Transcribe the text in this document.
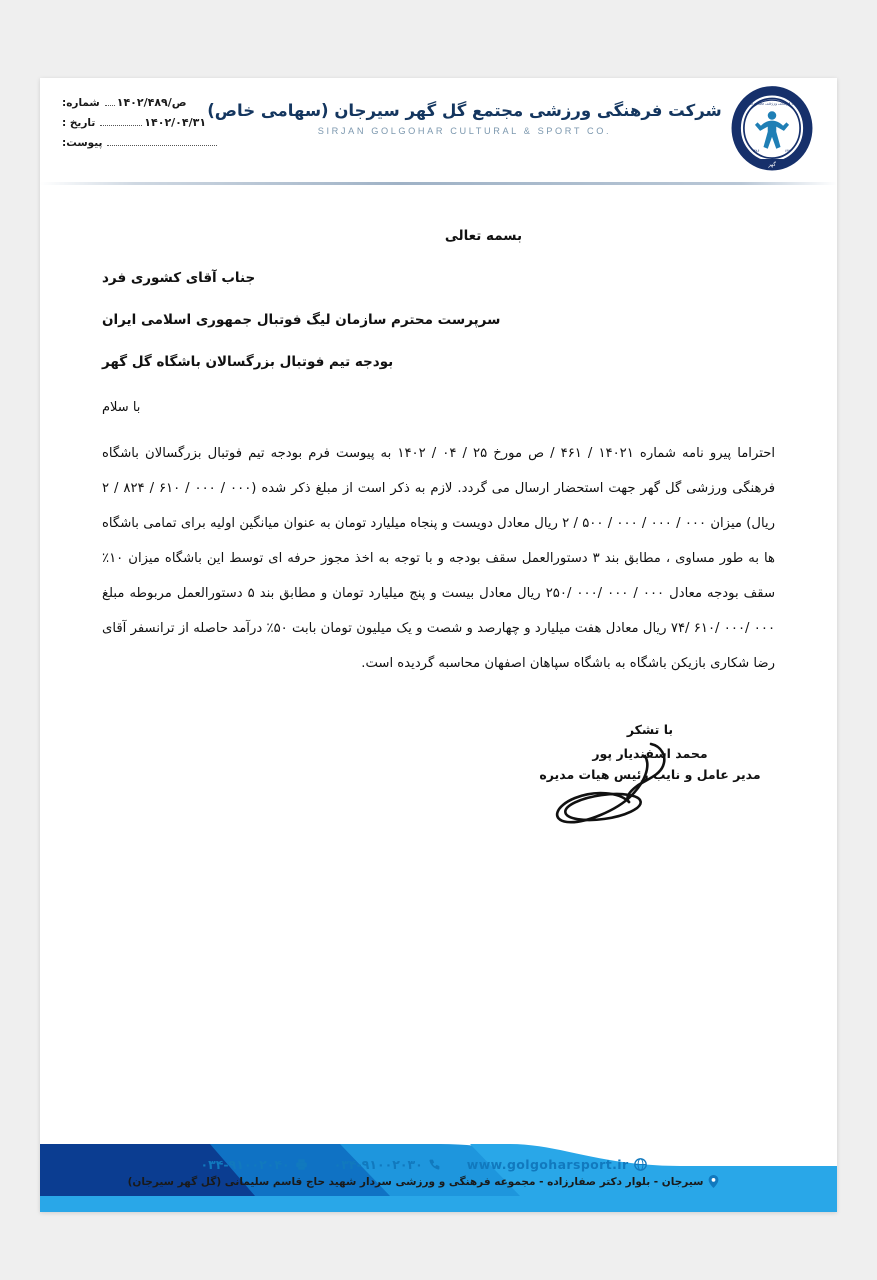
شماره: ۱۴۰۲/۴۸۹/ص
تاریخ :	۱۴۰۲/۰۴/۳۱
پیوست:
شرکت فرهنگی ورزشی مجتمع گل گهر سیرجان (سهامی خاص)
SIRJAN GOLGOHAR CULTURAL & SPORT CO.
شرکت فرهنگی ورزشی مجتمع گل گهر
۱۳۸۶	۱۳۷۰
گهر
بسمه تعالی
جناب آقای کشوری فرد
سرپرست محترم سازمان لیگ فوتبال جمهوری اسلامی ایران
بودجه تیم فوتبال بزرگسالان باشگاه گل گهر
با سلام
احتراما پیرو نامه شماره ۱۴۰۲۱ / ۴۶۱ / ص مورخ ۲۵ / ۰۴ / ۱۴۰۲ به پیوست فرم بودجه تیم فوتبال بزرگسالان باشگاه فرهنگی ورزشی گل گهر جهت استحضار ارسال می گردد. لازم به ذکر است از مبلغ ذکر شده (۰۰۰ / ۰۰۰ / ۶۱۰ / ۸۲۴ / ۲ ریال) میزان ۰۰۰ / ۰۰۰ / ۰۰۰ / ۵۰۰ / ۲ ریال معادل دویست و پنجاه میلیارد تومان به عنوان میانگین اولیه برای تمامی باشگاه ها به طور مساوی ، مطابق بند ۳ دستورالعمل سقف بودجه و با توجه به اخذ مجوز حرفه ای توسط این باشگاه میزان ۱۰٪ سقف بودجه معادل ۰۰۰ / ۰۰۰ /۰۰۰ /۲۵۰ ریال معادل بیست و پنج میلیارد تومان و مطابق بند ۵ دستورالعمل مربوطه مبلغ ۰۰۰ /۰۰۰ /۶۱۰ /۷۴ ریال معادل هفت میلیارد و چهارصد و شصت و یک میلیون تومان بابت ۵۰٪ درآمد حاصله از ترانسفر آقای رضا شکاری بازیکن باشگاه به باشگاه سپاهان اصفهان محاسبه گردیده است.
با تشکر
محمد اسفندیار پور
مدیر عامل و نایب رئیس هیات مدیره
www.golgoharsport.ir
۰۳۴-۹۱۰۰۲۰۳۰
۰۳۴-۹۱۰۰۲۰۴۰
سیرجان - بلوار دکتر صفارزاده - مجموعه فرهنگی و ورزشی سردار شهید حاج قاسم سلیمانی (گل گهر سیرجان)
